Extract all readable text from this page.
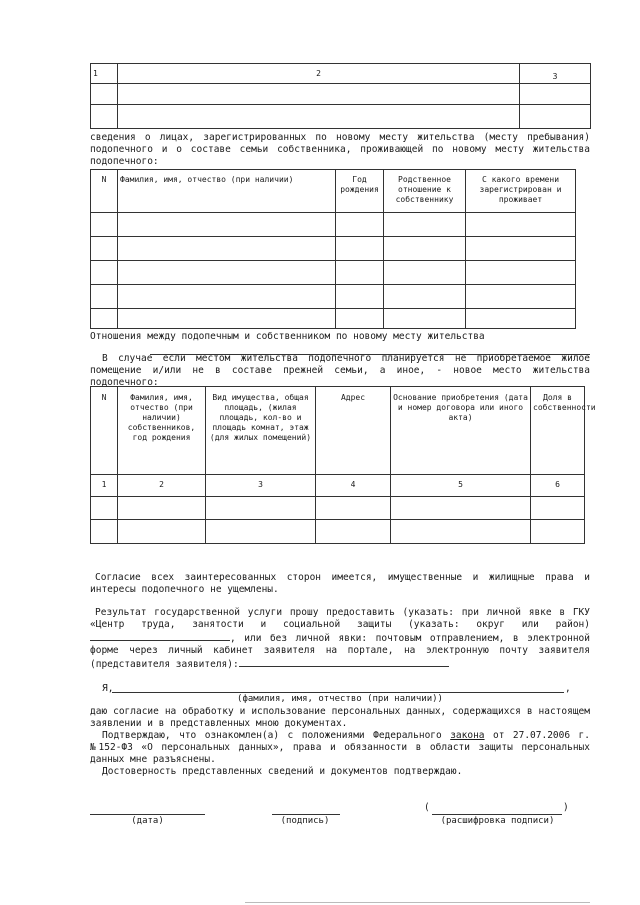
1	2	3

сведения о лицах, зарегистрированных по новому месту жительства (месту пребывания) подопечного и о составе семьи собственника, проживающей по новому месту жительства подопечного:
N	Фамилия, имя, отчество (при наличии)	Год рождения	Родственное отношение к собственнику	С какого времени зарегистрирован и проживает

Отношения между подопечным и собственником по новому месту жительства
В случае если местом жительства подопечного планируется не приобретаемое жилое помещение и/или не в составе прежней семьи, а иное, - новое место жительства подопечного:
N	Фамилия, имя, отчество (при наличии) собственников, год рождения	Вид имущества, общая площадь, (жилая площадь, кол-во и площадь комнат, этаж (для жилых помещений)	Адрес	Основание приобретения (дата и номер договора или иного акта)	Доля в собственности
1	2	3	4	5	6

Согласие всех заинтересованных сторон имеется, имущественные и жилищные права и интересы подопечного не ущемлены.
Результат государственной услуги прошу предоставить (указать: при личной явке в ГКУ «Центр труда, занятости и социальной защиты (указать: округ или район) , или без личной явки: почтовым отправлением, в электронной форме через личный кабинет заявителя на портале, на электронную почту заявителя (представителя заявителя):
Я,	,
(фамилия, имя, отчество (при наличии))
даю согласие на обработку и использование персональных данных, содержащихся в настоящем заявлении и в представленных мною документах.
Подтверждаю, что ознакомлен(а) с положениями Федерального закона от 27.07.2006 г. №152-ФЗ «О персональных данных», права и обязанности в области защиты персональных данных мне разъяснены.
Достоверность представленных сведений и документов подтверждаю.
(дата)	(подпись)
(	)
(расшифровка подписи)
